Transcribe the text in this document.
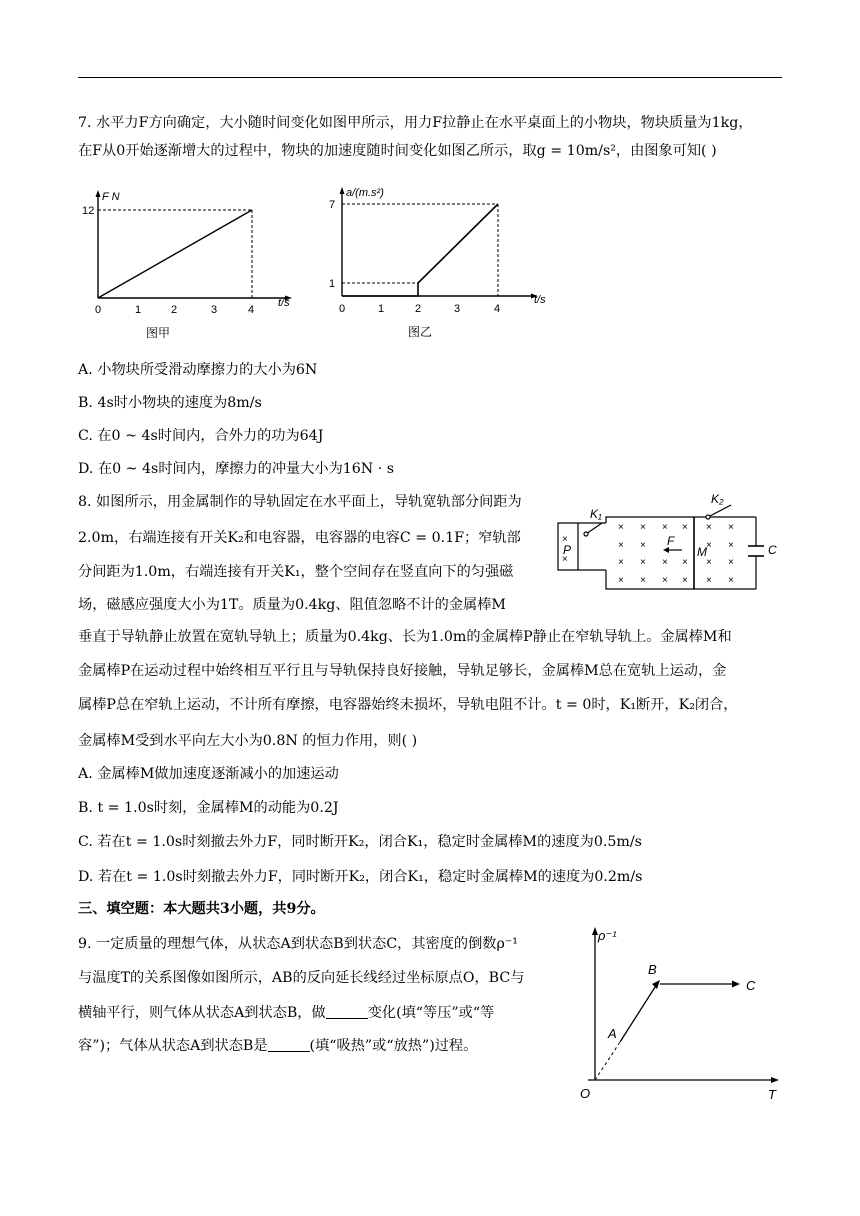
7. 水平力F方向确定，大小随时间变化如图甲所示，用力F拉静止在水平桌面上的小物块，物块质量为1kg，
在F从0开始逐渐增大的过程中，物块的加速度随时间变化如图乙所示，取g = 10m/s²，由图象可知( )
F N
12
0	1	2	3	4
t/s
图甲
a/(m.s²)
7
1
0	1	2	3	4
t/s
图乙
A. 小物块所受滑动摩擦力的大小为6N
B. 4s时小物块的速度为8m/s
C. 在0 ~ 4s时间内，合外力的功为64J
D. 在0 ~ 4s时间内，摩擦力的冲量大小为16N · s
8. 如图所示，用金属制作的导轨固定在水平面上，导轨宽轨部分间距为
2.0m，右端连接有开关K₂和电容器，电容器的电容C = 0.1F；窄轨部
分间距为1.0m，右端连接有开关K₁，整个空间存在竖直向下的匀强磁
场，磁感应强度大小为1T。质量为0.4kg、阻值忽略不计的金属棒M
垂直于导轨静止放置在宽轨导轨上；质量为0.4kg、长为1.0m的金属棒P静止在窄轨导轨上。金属棒M和
金属棒P在运动过程中始终相互平行且与导轨保持良好接触，导轨足够长，金属棒M总在宽轨上运动，金
属棒P总在窄轨上运动，不计所有摩擦，电容器始终未损坏，导轨电阻不计。t = 0时，K₁断开，K₂闭合，
金属棒M受到水平向左大小为0.8N 的恒力作用，则( )
×
×
× × × × × ×
× ×	× ×
× × × × × ×
× × × × × ×
K₁
K₂
P
F
M	C
A. 金属棒M做加速度逐渐减小的加速运动
B. t = 1.0s时刻，金属棒M的动能为0.2J
C. 若在t = 1.0s时刻撤去外力F，同时断开K₂，闭合K₁，稳定时金属棒M的速度为0.5m/s
D. 若在t = 1.0s时刻撤去外力F，同时断开K₂，闭合K₁，稳定时金属棒M的速度为0.2m/s
三、填空题：本大题共3小题，共9分。
9. 一定质量的理想气体，从状态A到状态B到状态C，其密度的倒数ρ⁻¹
与温度T的关系图像如图所示，AB的反向延长线经过坐标原点O，BC与
横轴平行，则气体从状态A到状态B，做	变化(填“等压”或“等
容”)；气体从状态A到状态B是	(填“吸热”或“放热”)过程。
ρ⁻¹
T
O
A
B
C
